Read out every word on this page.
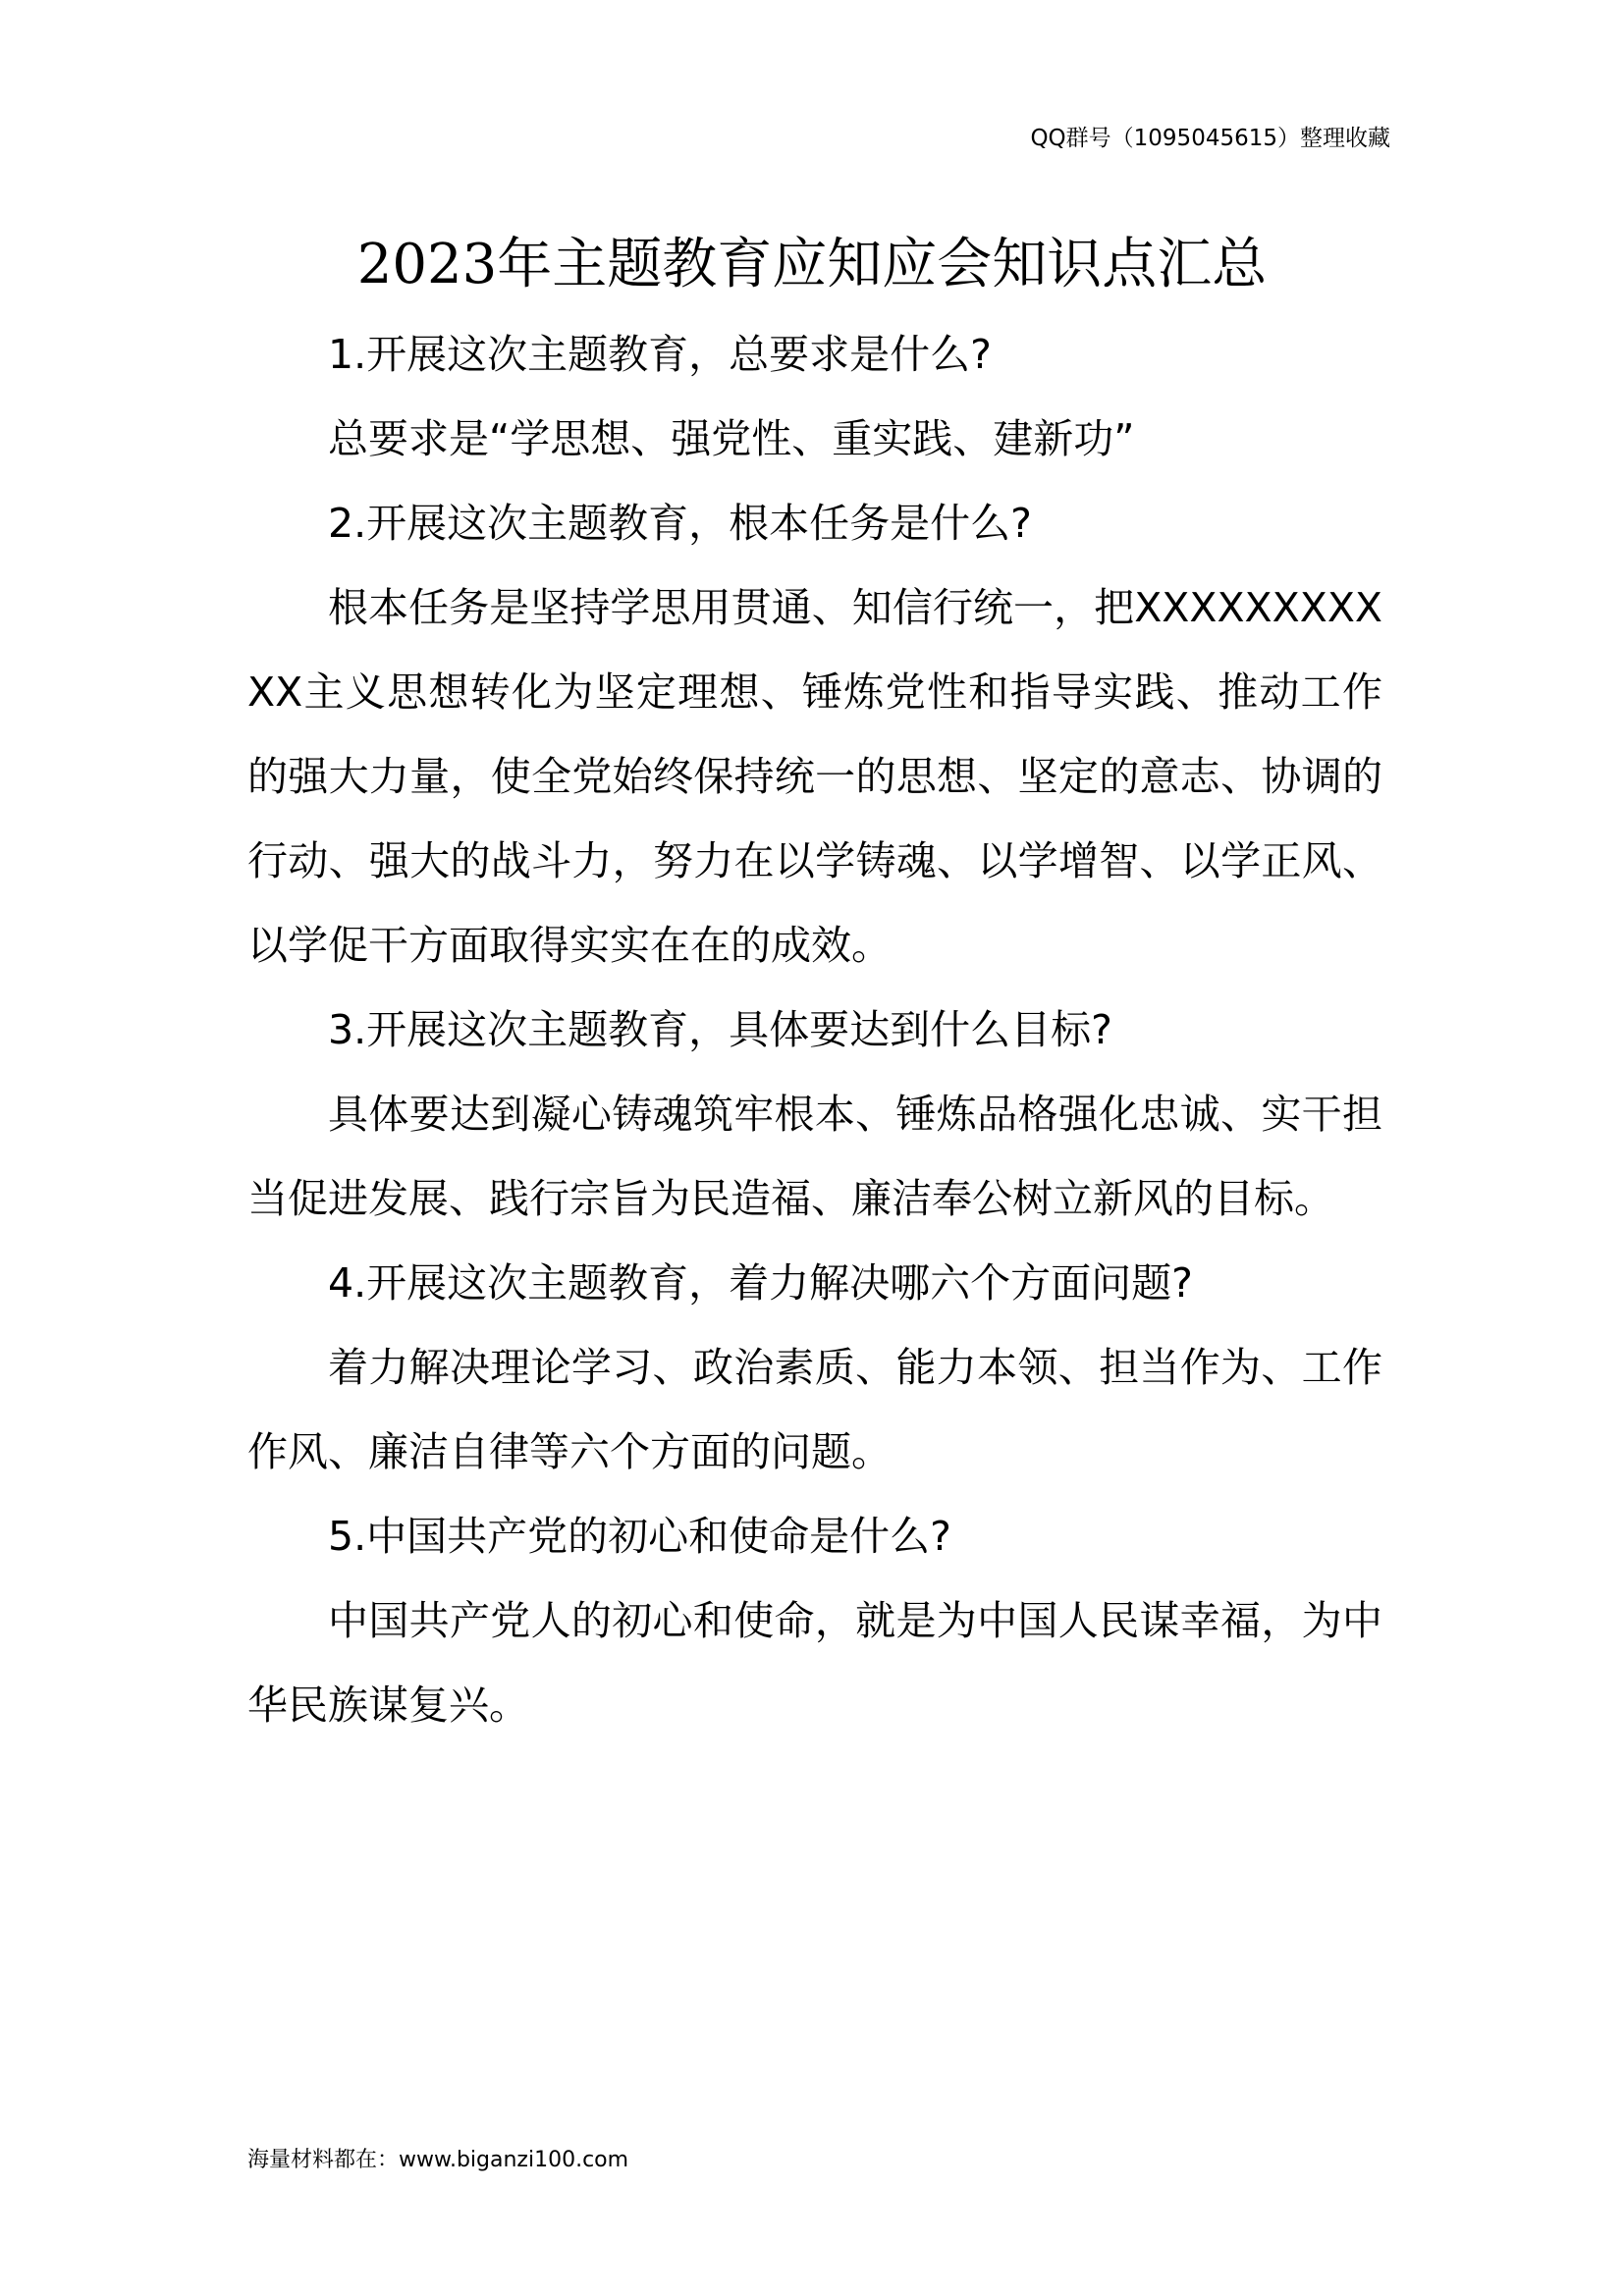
QQ群号（1095045615）整理收藏
2023年主题教育应知应会知识点汇总

1.开展这次主题教育，总要求是什么?

总要求是“学思想、强党性、重实践、建新功”

2.开展这次主题教育，根本任务是什么?

根本任务是坚持学思用贯通、知信行统一，把XXXXXXXXXXX主义思想转化为坚定理想、锤炼党性和指导实践、推动工作的强大力量，使全党始终保持统一的思想、坚定的意志、协调的行动、强大的战斗力，努力在以学铸魂、以学增智、以学正风、以学促干方面取得实实在在的成效。

3.开展这次主题教育，具体要达到什么目标?

具体要达到凝心铸魂筑牢根本、锤炼品格强化忠诚、实干担当促进发展、践行宗旨为民造福、廉洁奉公树立新风的目标。

4.开展这次主题教育，着力解决哪六个方面问题?

着力解决理论学习、政治素质、能力本领、担当作为、工作作风、廉洁自律等六个方面的问题。

5.中国共产党的初心和使命是什么?

中国共产党人的初心和使命，就是为中国人民谋幸福，为中华民族谋复兴。

海量材料都在：www.biganzi100.com
